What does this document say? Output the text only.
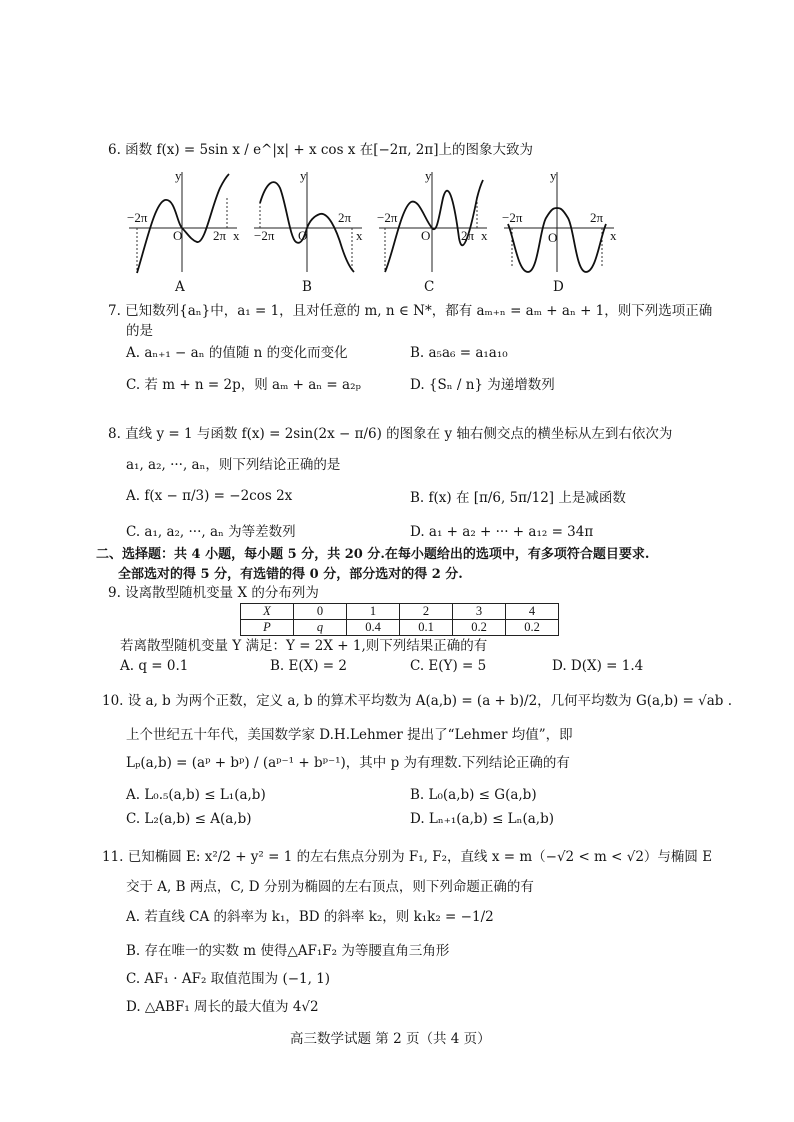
6. 函数 f(x) = 5sin x / e^|x| + x cos x 在[−2π, 2π]上的图象大致为
y
−2π
O 2π x
A
y
−2π O
2π
x
B
y
−2π
O 2π x
C
y
−2π
O
2π
x
D
7. 已知数列{aₙ}中，a₁ = 1，且对任意的 m, n ∈ N*，都有 aₘ₊ₙ = aₘ + aₙ + 1，则下列选项正确
的是
A. aₙ₊₁ − aₙ 的值随 n 的变化而变化	B. a₅a₆ = a₁a₁₀
C. 若 m + n = 2p，则 aₘ + aₙ = a₂ₚ	D. {Sₙ / n} 为递增数列
8. 直线 y = 1 与函数 f(x) = 2sin(2x − π/6) 的图象在 y 轴右侧交点的横坐标从左到右依次为
a₁, a₂, ···, aₙ，则下列结论正确的是
A. f(x − π/3) = −2cos 2x	B. f(x) 在 [π/6, 5π/12] 上是减函数
C. a₁, a₂, ···, aₙ 为等差数列	D. a₁ + a₂ + ··· + a₁₂ = 34π
二、选择题：共 4 小题，每小题 5 分，共 20 分.在每小题给出的选项中，有多项符合题目要求.
全部选对的得 5 分，有选错的得 0 分，部分选对的得 2 分.
9. 设离散型随机变量 X 的分布列为
X	0	1	2	3	4
P	q	0.4	0.1	0.2	0.2
若离散型随机变量 Y 满足：Y = 2X + 1,则下列结果正确的有
A. q = 0.1	B. E(X) = 2	C. E(Y) = 5	D. D(X) = 1.4
10. 设 a, b 为两个正数，定义 a, b 的算术平均数为 A(a,b) = (a + b)/2，几何平均数为 G(a,b) = √ab .
上个世纪五十年代，美国数学家 D.H.Lehmer 提出了“Lehmer 均值”，即
Lₚ(a,b) = (aᵖ + bᵖ) / (aᵖ⁻¹ + bᵖ⁻¹)，其中 p 为有理数.下列结论正确的有
A. L₀.₅(a,b) ≤ L₁(a,b)	B. L₀(a,b) ≤ G(a,b)
C. L₂(a,b) ≤ A(a,b)	D. Lₙ₊₁(a,b) ≤ Lₙ(a,b)
11. 已知椭圆 E: x²/2 + y² = 1 的左右焦点分别为 F₁, F₂，直线 x = m（−√2 < m < √2）与椭圆 E
交于 A, B 两点，C, D 分别为椭圆的左右顶点，则下列命题正确的有
A. 若直线 CA 的斜率为 k₁，BD 的斜率 k₂，则 k₁k₂ = −1/2
B. 存在唯一的实数 m 使得△AF₁F₂ 为等腰直角三角形
C. AF₁ · AF₂ 取值范围为 (−1, 1)
D. △ABF₁ 周长的最大值为 4√2
高三数学试题 第 2 页（共 4 页）
